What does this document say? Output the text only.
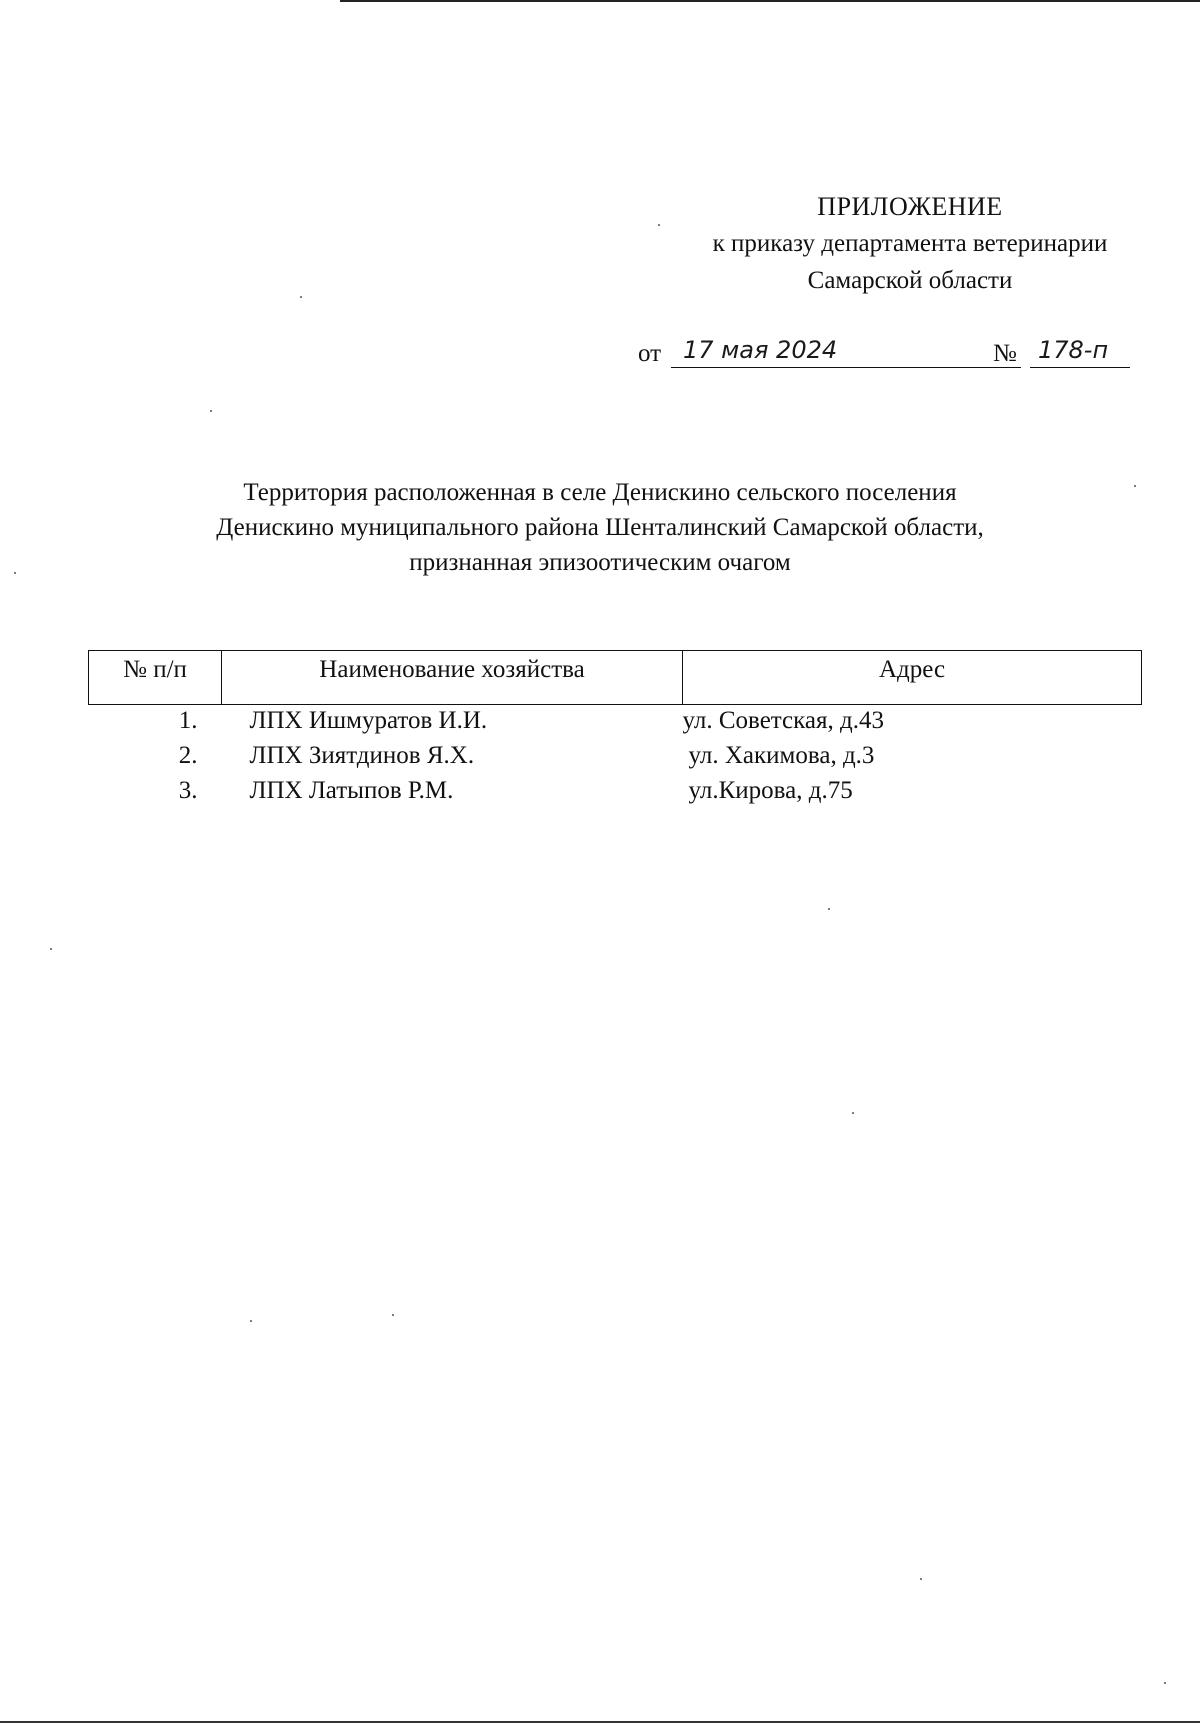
ПРИЛОЖЕНИЕ
к приказу департамента ветеринарии
Самарской области
от 17 мая 2024	№ 178-п
Территория расположенная в селе Денискино сельского поселения
Денискино муниципального района Шенталинский Самарской области,
признанная эпизоотическим очагом
№ п/п	Наименование хозяйства	Адрес
1.	ЛПХ Ишмуратов И.И.	ул. Советская, д.43
2.	ЛПХ Зиятдинов Я.Х.	ул. Хакимова, д.3
3.	ЛПХ Латыпов Р.М.	ул.Кирова, д.75
